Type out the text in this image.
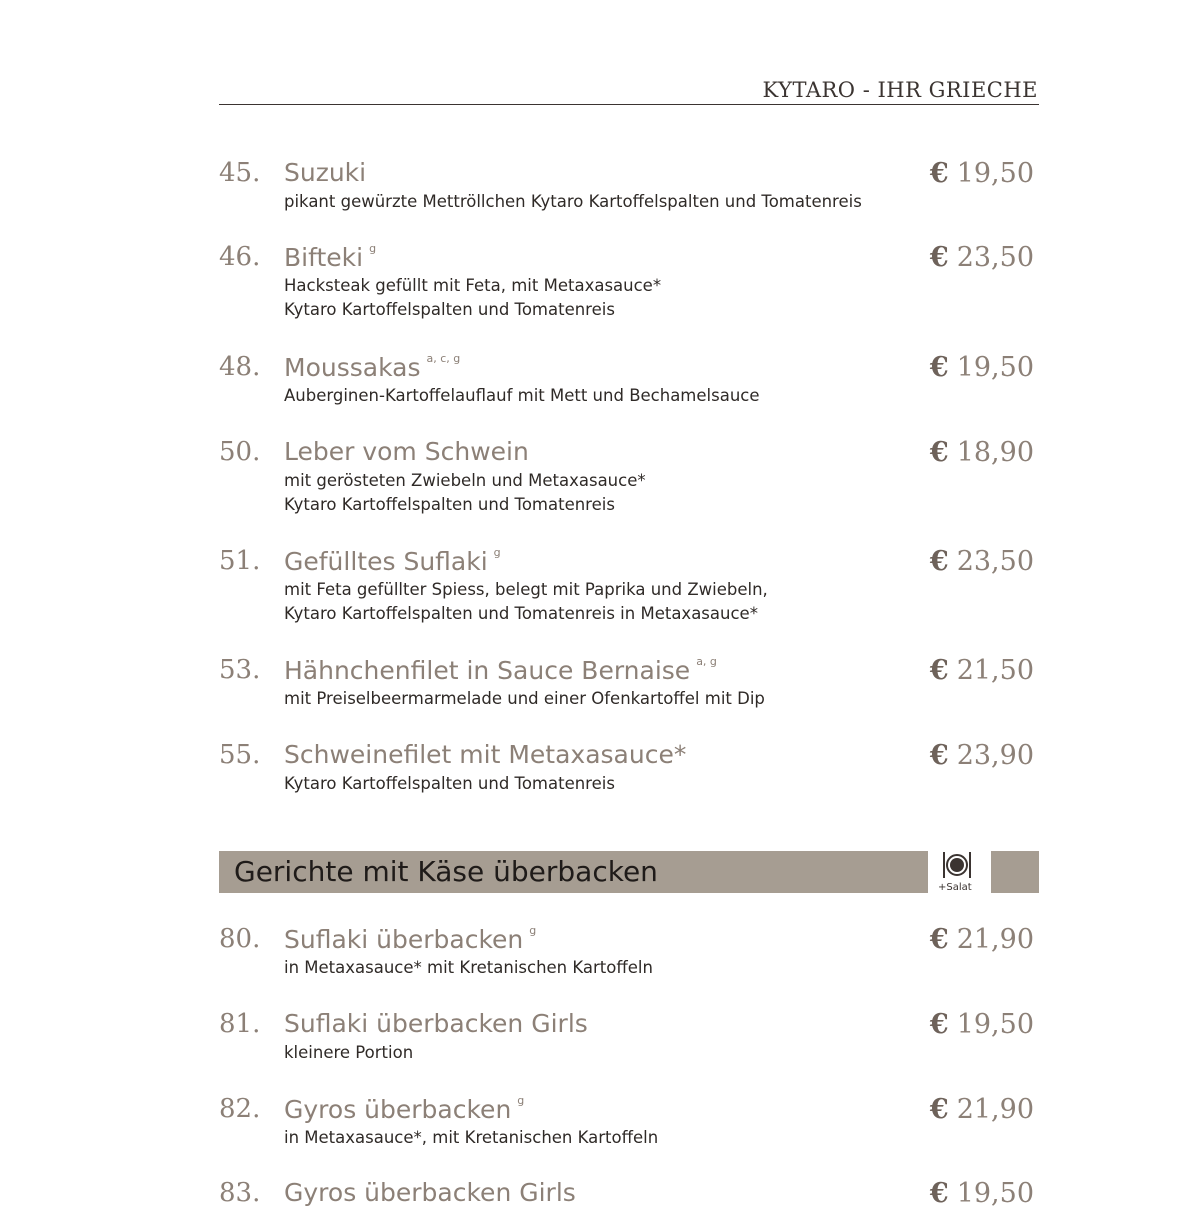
KYTARO - IHR GRIECHE
45. Suzuki	€ 19,50
pikant gewürzte Mettröllchen Kytaro Kartoffelspalten und Tomatenreis
46. Bifteki $^g$	€ 23,50
Hacksteak gefüllt mit Feta, mit Metaxasauce*
Kytaro Kartoffelspalten und Tomatenreis
48. Moussakas $^{a, c, g}$	€ 19,50
Auberginen-Kartoffelauflauf mit Mett und Bechamelsauce
50. Leber vom Schwein	€ 18,90
mit gerösteten Zwiebeln und Metaxasauce*
Kytaro Kartoffelspalten und Tomatenreis
51. Gefülltes Suflaki $^g$	€ 23,50
mit Feta gefüllter Spiess, belegt mit Paprika und Zwiebeln,
Kytaro Kartoffelspalten und Tomatenreis in Metaxasauce*
53. Hähnchenfilet in Sauce Bernaise $^{a, g}$	€ 21,50
mit Preiselbeermarmelade und einer Ofenkartoffel mit Dip
55. Schweinefilet mit Metaxasauce*	€ 23,90
Kytaro Kartoffelspalten und Tomatenreis
Gerichte mit Käse überbacken	+Salat
80. Suflaki überbacken $^g$	€ 21,90
in Metaxasauce* mit Kretanischen Kartoffeln
81. Suflaki überbacken Girls	€ 19,50
kleinere Portion
82. Gyros überbacken $^g$	€ 21,90
in Metaxasauce*, mit Kretanischen Kartoffeln
83. Gyros überbacken Girls	€ 19,50
